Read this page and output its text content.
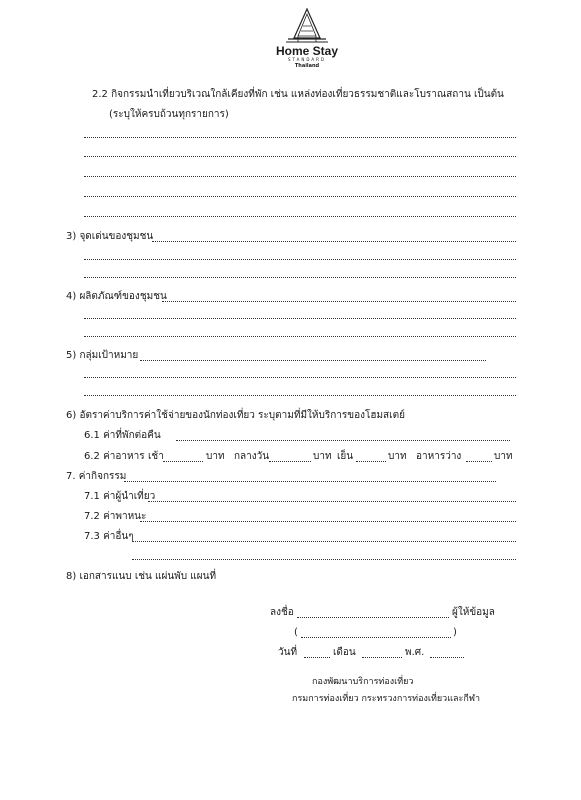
Home Stay
STANDARD
Thailand
2.2 กิจกรรมนำเที่ยวบริเวณใกล้เคียงที่พัก เช่น แหล่งท่องเที่ยวธรรมชาติและโบราณสถาน เป็นต้น
(ระบุให้ครบถ้วนทุกรายการ)
3) จุดเด่นของชุมชน
4) ผลิตภัณฑ์ของชุมชน
5) กลุ่มเป้าหมาย
6) อัตราค่าบริการค่าใช้จ่ายของนักท่องเที่ยว ระบุตามที่มีให้บริการของโฮมสเตย์
6.1 ค่าที่พักต่อคืน
6.2 ค่าอาหาร เช้า	บาท กลางวัน	บาท เย็น	บาท อาหารว่าง	บาท
7. ค่ากิจกรรม
7.1 ค่าผู้นำเที่ยว
7.2 ค่าพาหนะ
7.3 ค่าอื่นๆ
8) เอกสารแนบ เช่น แผ่นพับ แผนที่
ลงชื่อ	ผู้ให้ข้อมูล
(	)
วันที่	เดือน	พ.ศ.
กองพัฒนาบริการท่องเที่ยว
กรมการท่องเที่ยว กระทรวงการท่องเที่ยวและกีฬา
